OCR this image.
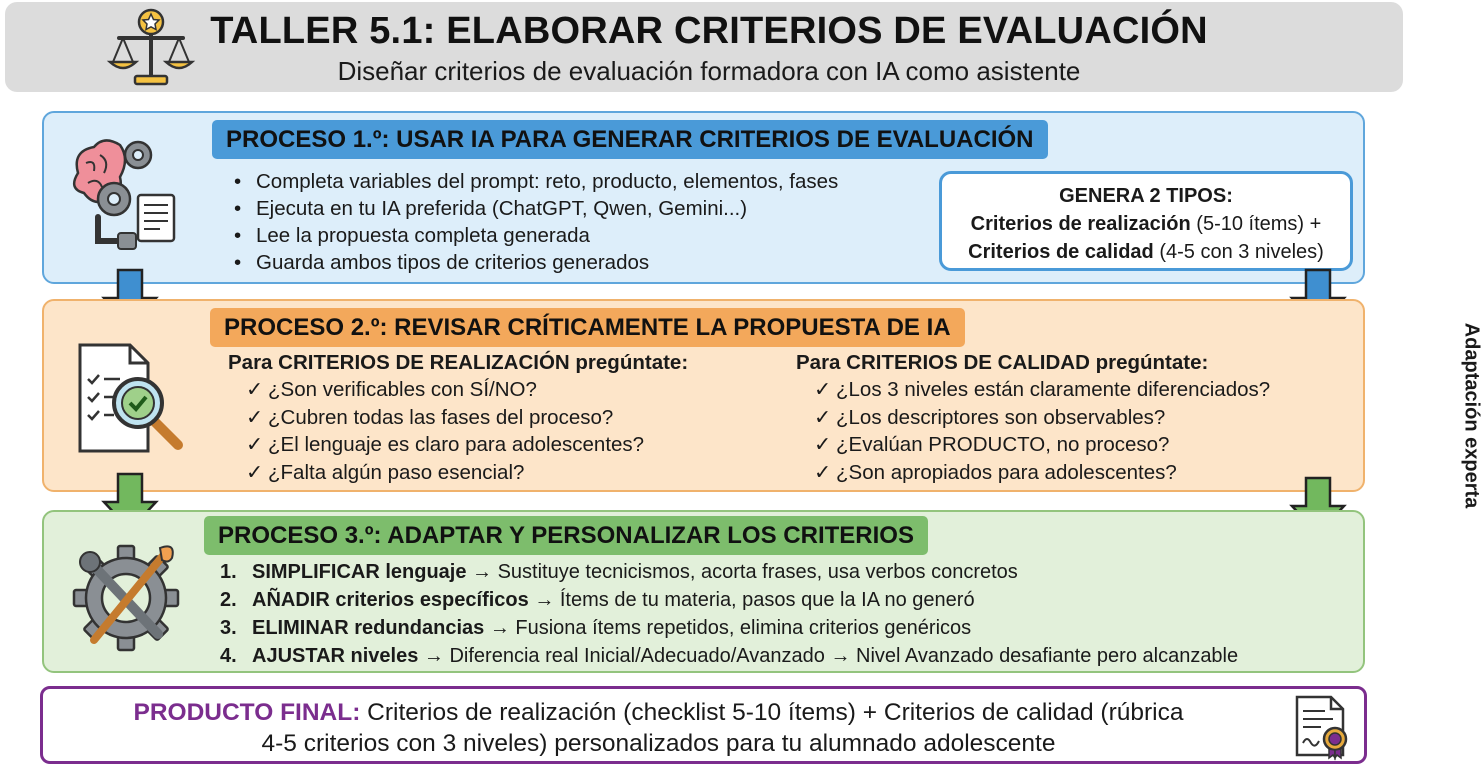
TALLER 5.1: ELABORAR CRITERIOS DE EVALUACIÓN
Diseñar criterios de evaluación formadora con IA como asistente
Adaptación experta
PROCESO 1.º: USAR IA PARA GENERAR CRITERIOS DE EVALUACIÓN
• Completa variables del prompt: reto, producto, elementos, fases
• Ejecuta en tu IA preferida (ChatGPT, Qwen, Gemini...)
• Lee la propuesta completa generada
• Guarda ambos tipos de criterios generados
GENERA 2 TIPOS:
Criterios de realización (5-10 ítems) +
Criterios de calidad (4-5 con 3 niveles)
PROCESO 2.º: REVISAR CRÍTICAMENTE LA PROPUESTA DE IA
Para CRITERIOS DE REALIZACIÓN pregúntate:
✓ ¿Son verificables con SÍ/NO?
✓ ¿Cubren todas las fases del proceso?
✓ ¿El lenguaje es claro para adolescentes?
✓ ¿Falta algún paso esencial?
Para CRITERIOS DE CALIDAD pregúntate:
✓ ¿Los 3 niveles están claramente diferenciados?
✓ ¿Los descriptores son observables?
✓ ¿Evalúan PRODUCTO, no proceso?
✓ ¿Son apropiados para adolescentes?
PROCESO 3.º: ADAPTAR Y PERSONALIZAR LOS CRITERIOS
1. SIMPLIFICAR lenguaje → Sustituye tecnicismos, acorta frases, usa verbos concretos
2. AÑADIR criterios específicos → Ítems de tu materia, pasos que la IA no generó
3. ELIMINAR redundancias → Fusiona ítems repetidos, elimina criterios genéricos
4. AJUSTAR niveles → Diferencia real Inicial/Adecuado/Avanzado → Nivel Avanzado desafiante pero alcanzable
PRODUCTO FINAL: Criterios de realización (checklist 5-10 ítems) + Criterios de calidad (rúbrica
4-5 criterios con 3 niveles) personalizados para tu alumnado adolescente
